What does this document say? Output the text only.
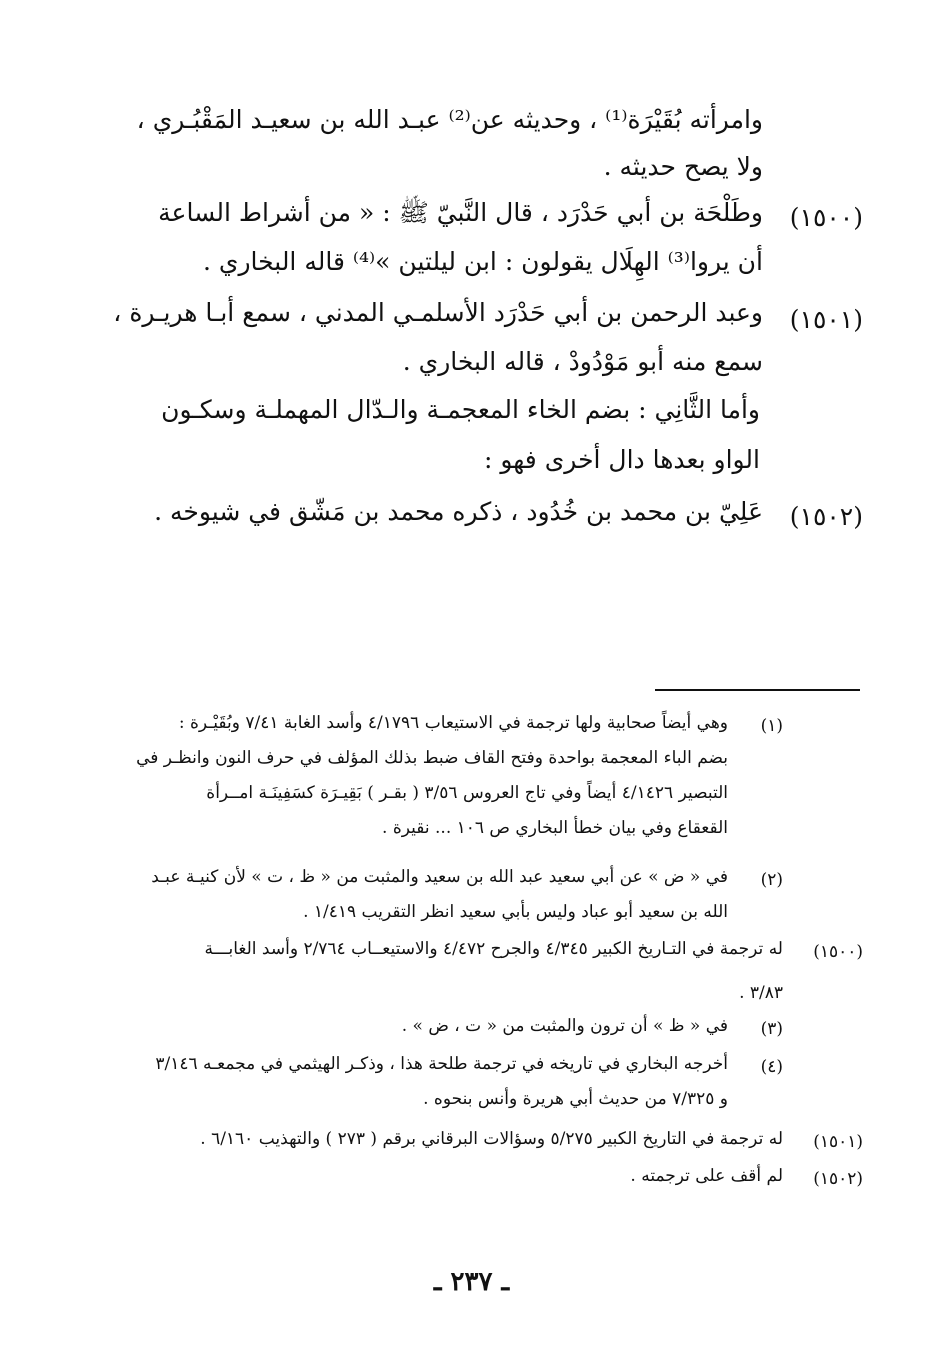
وامرأته بُقَيْرَة⁽¹⁾ ، وحديثه عن⁽²⁾ عبـد الله بن سعيـد المَقْبُـري ،
ولا يصح حديثه .
(١٥٠٠)
وطَلْحَة بن أبي حَدْرَد ، قال النَّبيّ ﷺ : « من أشراط الساعة
أن يروا⁽³⁾ الهِلَال يقولون : ابن ليلتين »⁽⁴⁾ قاله البخاري .
(١٥٠١)
وعبد الرحمن بن أبي حَدْرَد الأسلمـي المدني ، سمع أبـا هريـرة ،
سمع منه أبو مَوْدُودْ ، قاله البخاري .
وأما الثَّانِي : بضم الخاء المعجمـة والـدّال المهملـة وسكـون
الواو بعدها دال أخرى فهو :
(١٥٠٢)
عَلِيّ بن محمد بن خُدُود ، ذكره محمد بن مَشّق في شيوخه .
(١)
وهي أيضاً صحابية ولها ترجمة في الاستيعاب ٤/١٧٩٦ وأسد الغابة ٧/٤١ وبُقَيْـرة :
بضم الباء المعجمة بواحدة وفتح القاف ضبط بذلك المؤلف في حرف النون وانظـر في
التبصير ٤/١٤٢٦ أيضاً وفي تاج العروس ٣/٥٦ ( بقـر ) بَقِيـرَة كسَفِينَـة امــرأة
القعقاع وفي بيان خطأ البخاري ص ١٠٦ ... نقيرة .
(٢)
في « ض » عن أبي سعيد عبد الله بن سعيد والمثبت من « ظ ، ت » لأن كنيـة عبـد
الله بن سعيد أبو عباد وليس بأبي سعيد انظر التقريب ١/٤١٩ .
(١٥٠٠)
له ترجمة في التـاريخ الكبير ٤/٣٤٥ والجرح ٤/٤٧٢ والاستيعــاب ٢/٧٦٤ وأسد الغابـــة
٣/٨٣ .
(٣)
في « ظ » أن ترون والمثبت من « ت ، ض » .
(٤)
أخرجه البخاري في تاريخه في ترجمة طلحة هذا ، وذكـر الهيثمي في مجمعـه ٣/١٤٦
و ٧/٣٢٥ من حديث أبي هريرة وأنس بنحوه .
(١٥٠١)
له ترجمة في التاريخ الكبير ٥/٢٧٥ وسؤالات البرقاني برقم ( ٢٧٣ ) والتهذيب ٦/١٦٠ .
(١٥٠٢)
لم أقف على ترجمته .
ـ ٢٣٧ ـ
